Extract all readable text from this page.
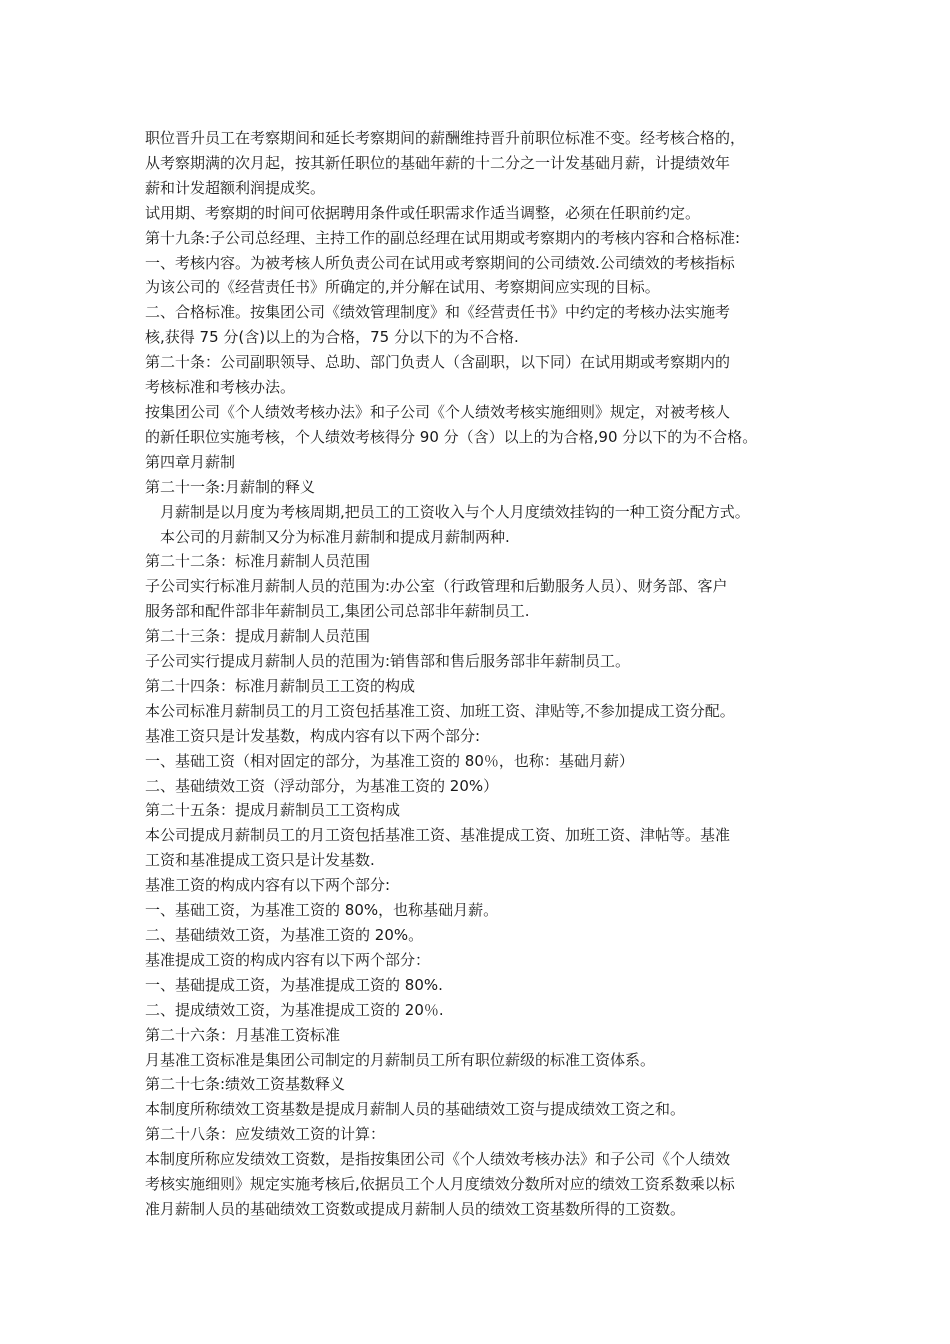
职位晋升员工在考察期间和延长考察期间的薪酬维持晋升前职位标准不变。经考核合格的，
从考察期满的次月起，按其新任职位的基础年薪的十二分之一计发基础月薪，计提绩效年
薪和计发超额利润提成奖。
试用期、考察期的时间可依据聘用条件或任职需求作适当调整，必须在任职前约定。
第十九条:子公司总经理、主持工作的副总经理在试用期或考察期内的考核内容和合格标准:
一、考核内容。为被考核人所负责公司在试用或考察期间的公司绩效.公司绩效的考核指标
为该公司的《经营责任书》所确定的,并分解在试用、考察期间应实现的目标。
二、合格标准。按集团公司《绩效管理制度》和《经营责任书》中约定的考核办法实施考
核,获得 75 分(含)以上的为合格，75 分以下的为不合格.
第二十条：公司副职领导、总助、部门负责人（含副职，以下同）在试用期或考察期内的
考核标准和考核办法。
按集团公司《个人绩效考核办法》和子公司《个人绩效考核实施细则》规定，对被考核人
的新任职位实施考核，个人绩效考核得分 90 分（含）以上的为合格,90 分以下的为不合格。
第四章月薪制
第二十一条:月薪制的释义
月薪制是以月度为考核周期,把员工的工资收入与个人月度绩效挂钩的一种工资分配方式。
本公司的月薪制又分为标准月薪制和提成月薪制两种.
第二十二条：标准月薪制人员范围
子公司实行标准月薪制人员的范围为:办公室（行政管理和后勤服务人员）、财务部、客户
服务部和配件部非年薪制员工,集团公司总部非年薪制员工.
第二十三条：提成月薪制人员范围
子公司实行提成月薪制人员的范围为:销售部和售后服务部非年薪制员工。
第二十四条：标准月薪制员工工资的构成
本公司标准月薪制员工的月工资包括基准工资、加班工资、津贴等,不参加提成工资分配。
基准工资只是计发基数，构成内容有以下两个部分:
一、基础工资（相对固定的部分，为基准工资的 80％，也称：基础月薪）
二、基础绩效工资（浮动部分，为基准工资的 20%）
第二十五条：提成月薪制员工工资构成
本公司提成月薪制员工的月工资包括基准工资、基准提成工资、加班工资、津帖等。基准
工资和基准提成工资只是计发基数.
基准工资的构成内容有以下两个部分:
一、基础工资，为基准工资的 80%，也称基础月薪。
二、基础绩效工资，为基准工资的 20%。
基准提成工资的构成内容有以下两个部分：
一、基础提成工资，为基准提成工资的 80%.
二、提成绩效工资，为基准提成工资的 20％.
第二十六条：月基准工资标准
月基准工资标准是集团公司制定的月薪制员工所有职位薪级的标准工资体系。
第二十七条:绩效工资基数释义
本制度所称绩效工资基数是提成月薪制人员的基础绩效工资与提成绩效工资之和。
第二十八条：应发绩效工资的计算：
本制度所称应发绩效工资数，是指按集团公司《个人绩效考核办法》和子公司《个人绩效
考核实施细则》规定实施考核后,依据员工个人月度绩效分数所对应的绩效工资系数乘以标
准月薪制人员的基础绩效工资数或提成月薪制人员的绩效工资基数所得的工资数。
